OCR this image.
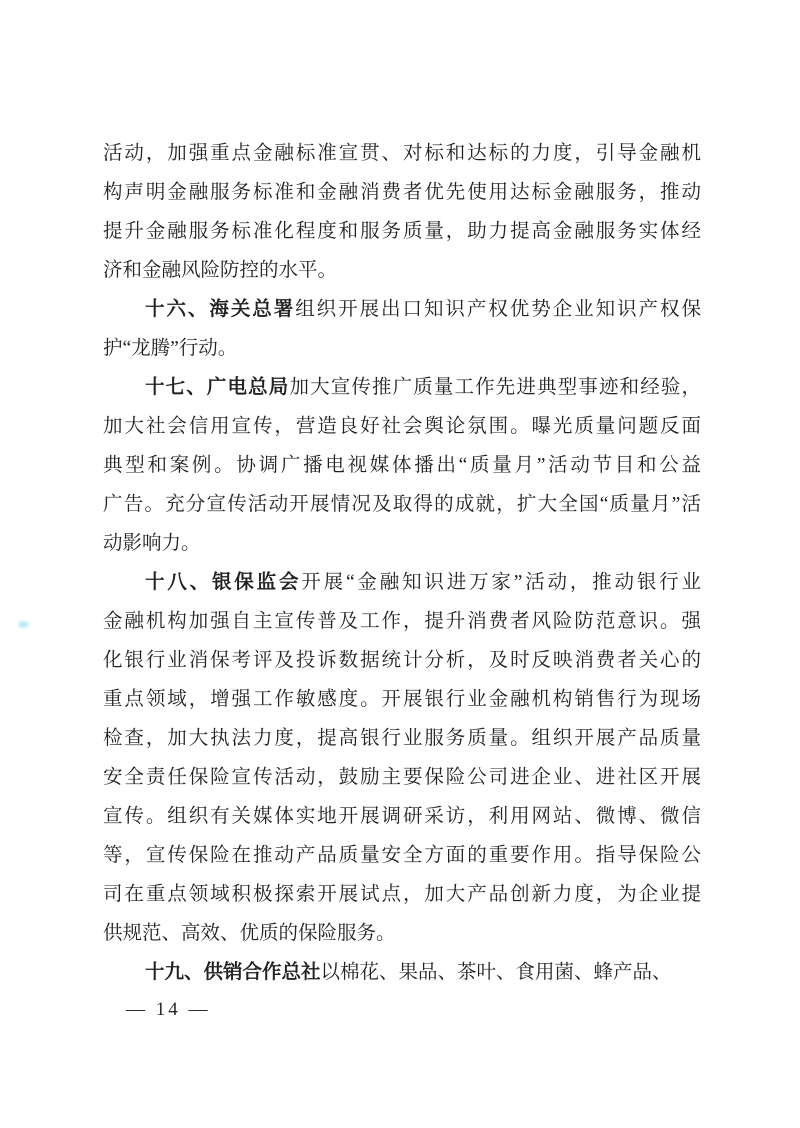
活动，加强重点金融标准宣贯、对标和达标的力度，引导金融机
构声明金融服务标准和金融消费者优先使用达标金融服务，推动
提升金融服务标准化程度和服务质量，助力提高金融服务实体经
济和金融风险防控的水平。
十六、海关总署组织开展出口知识产权优势企业知识产权保
护“龙腾”行动。
十七、广电总局加大宣传推广质量工作先进典型事迹和经验，
加大社会信用宣传，营造良好社会舆论氛围。曝光质量问题反面
典型和案例。协调广播电视媒体播出“质量月”活动节目和公益
广告。充分宣传活动开展情况及取得的成就，扩大全国“质量月”活
动影响力。
十八、银保监会开展“金融知识进万家”活动，推动银行业
金融机构加强自主宣传普及工作，提升消费者风险防范意识。强
化银行业消保考评及投诉数据统计分析，及时反映消费者关心的
重点领域，增强工作敏感度。开展银行业金融机构销售行为现场
检查，加大执法力度，提高银行业服务质量。组织开展产品质量
安全责任保险宣传活动，鼓励主要保险公司进企业、进社区开展
宣传。组织有关媒体实地开展调研采访，利用网站、微博、微信
等，宣传保险在推动产品质量安全方面的重要作用。指导保险公
司在重点领域积极探索开展试点，加大产品创新力度，为企业提
供规范、高效、优质的保险服务。
十九、供销合作总社以棉花、果品、茶叶、食用菌、蜂产品、
— 14 —
